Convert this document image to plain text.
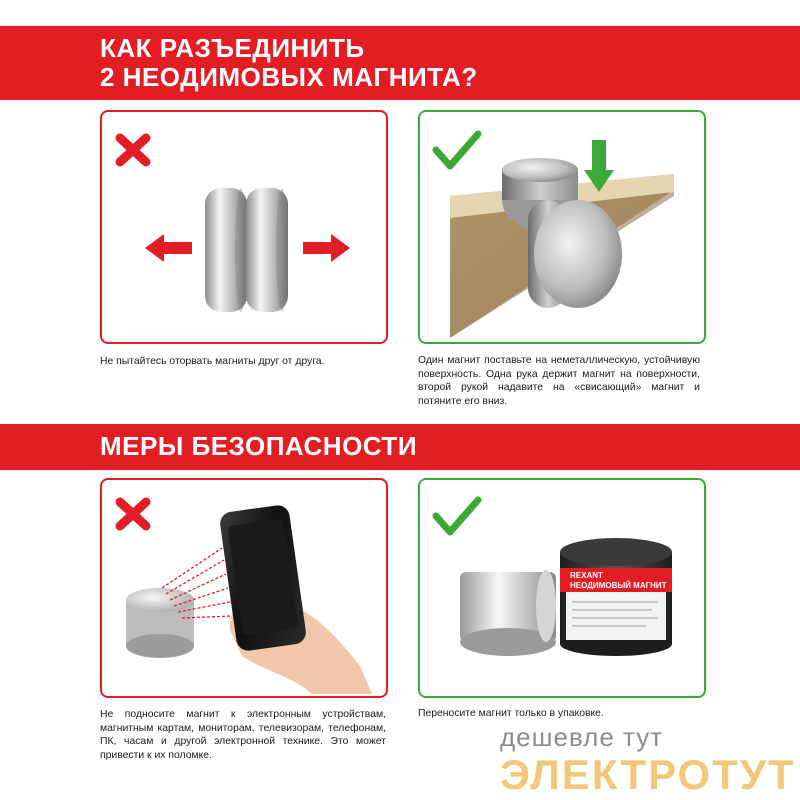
КАК РАЗЪЕДИНИТЬ
2 НЕОДИМОВЫХ МАГНИТА?
Не пытайтесь оторвать магниты друг от друга.	Один магнит поставьте на неметаллическую, устойчивую поверхность. Одна рука держит магнит на поверхности, второй рукой надавите на «свисающий» магнит и потяните его вниз.
МЕРЫ БЕЗОПАСНОСТИ
REXANT
НЕОДИМОВЫЙ МАГНИТ
Не подносите магнит к электронным устройствам, магнитным картам, мониторам, телевизорам, телефонам, ПК, часам и другой электронной технике. Это может привести к их поломке.
Переносите магнит только в упаковке.
дешевле тут
ЭЛЕКТРОТУТ
